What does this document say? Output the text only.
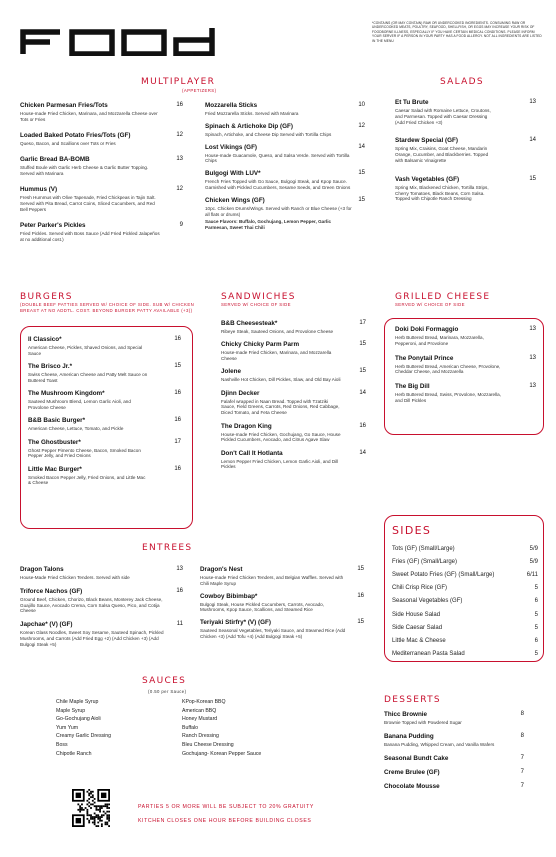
*CONTAINS (OR MAY CONTAIN) RAW OR UNDERCOOKED INGREDIENTS. CONSUMING RAW OR UNDERCOOKED MEATS, POULTRY, SEAFOOD, SHELLFISH, OR EGGS MAY INCREASE YOUR RISK OF FOODBORNE ILLNESS, ESPECIALLY IF YOU HAVE CERTAIN MEDICAL CONDITIONS. PLEASE INFORM YOUR SERVER IF A PERSON IN YOUR PARTY HAS A FOOD ALLERGY. NOT ALL INGREDIENTS ARE LISTED IN THE MENU
MULTIPLAYER
(APPETIZERS)
Chicken Parmesan Fries/Tots	16
House-made Fried Chicken, Marinara, and Mozzarella Cheese over Tots or Fries
Loaded Baked Potato Fries/Tots (GF)	12
Queso, Bacon, and Scallions over Tots or Fries
Garlic Bread BA-BOMB	13
Stuffed Boule with Garlic Herb Cheese & Garlic Butter Topping. Served with Marinara
Hummus (V)	12
Fresh Hummus with Olive Tapenade, Fried Chickpeas in Tajin Salt. Served with Pita Bread, Carrot Coins, Sliced Cucumbers, and Red Bell Peppers
Peter Parker's Pickles	9
Fried Pickles. Served with Boss Sauce (Add Fried Pickled Jalapeños at no additional cost.)
Mozzarella Sticks	10
Fried Mozzarella Sticks. Served with Marinara
Spinach & Artichoke Dip (GF)	12
Spinach, Artichoke, and Cheese Dip Served with Tortilla Chips
Lost Vikings (GF)	14
House-made Guacamole, Queso, and Salsa Verde. Served with Tortilla Chips
Bulgogi With LUV*	15
French Fries Topped with Go Sauce, Bulgogi Steak, and Kpop Sauce. Garnished with Pickled Cucumbers, Sesame Seeds, and Green Onions
Chicken Wings (GF)	15
10pc. Chicken Drums/Wings. Served with Ranch or Blue Cheese (+3 for all flats or drums)
Sauce Flavors: Buffalo, Gochujang, Lemon Pepper, Garlic Parmesan, Sweet Thai Chili
SALADS
Et Tu Brute	13
Caesar Salad with Romaine Lettuce, Croutons, and Parmesan. Topped with Caesar Dressing (Add Fried Chicken +3)
Stardew Special (GF)	14
Spring Mix, Craisins, Goat Cheese, Mandarin Orange, Cucumber, and Blackberries. Topped with Balsamic Vinaigrette
Vash Vegetables (GF)	15
Spring Mix, Blackened Chicken, Tortilla Strips, Cherry Tomatoes, Black Beans, Corn Salsa. Topped with Chipotle Ranch Dressing
BURGERS
(DOUBLE BEEF PATTIES SERVED W/ CHOICE OF SIDE. SUB W/ CHICKEN BREAST AT NO ADDTL. COST. BEYOND BURGER PATTY AVAILABLE (+3))
Il Classico*	16
American Cheese, Pickles, Shaved Onions, and Special Sauce
The Brisco Jr.*	15
Swiss Cheese, American Cheese and Patty Melt Sauce on Buttered Toast
The Mushroom Kingdom*	16
Sauteed Mushroom Blend, Lemon Garlic Aioli, and Provolone Cheese
B&B Basic Burger*	16
American Cheese, Lettuce, Tomato, and Pickle
The Ghostbuster*	17
Ghost Pepper Pimento Cheese, Bacon, Smoked Bacon Pepper Jelly, and Fried Onions
Little Mac Burger*	16
Smoked Bacon Pepper Jelly, Fried Onions, and Little Mac & Cheese
SANDWICHES
SERVED W/ CHOICE OF SIDE
B&B Cheesesteak*	17
Ribeye Steak, Sauteed Onions, and Provolone Cheese
Chicky Chicky Parm Parm	15
House-made Fried Chicken, Marinara, and Mozzarella Cheese
Jolene	15
Nashville Hot Chicken, Dill Pickles, Slaw, and Old Bay Aioli
Djinn Decker	14
Falafel wrapped in Naan Bread. Topped with Tzatziki Sauce, Field Greens, Carrots, Red Onions, Red Cabbage, Diced Tomato, and Feta Cheese
The Dragon King	16
House-made Fried Chicken, Gochujang, Go Sauce, House Pickled Cucumbers, Avocado, and Citrus Agave Slaw
Don't Call It Hotlanta	14
Lemon Pepper Fried Chicken, Lemon Garlic Aioli, and Dill Pickles
GRILLED CHEESE
SERVED W/ CHOICE OF SIDE
Doki Doki Formaggio	13
Herb Buttered Bread, Marinara, Mozzarella, Pepperoni, and Provolone
The Ponytail Prince	13
Herb Buttered Bread, American Cheese, Provolone, Cheddar Cheese, and Mozzarella
The Big Dill	13
Herb Buttered Bread, Swiss, Provolone, Mozzarella, and Dill Pickles
SIDES
Tots (GF) (Small/Large)	5/9
Fries (GF) (Small/Large)	5/9
Sweet Potato Fries (GF) (Small/Large)	6/11
Chili Crisp Rice (GF)	5
Seasonal Vegetables (GF)	6
Side House Salad	5
Side Caesar Salad	5
Little Mac & Cheese	6
Mediterranean Pasta Salad	5
ENTREES
Dragon Talons	13
House-Made Fried Chicken Tenders. Served with side
Triforce Nachos (GF)	16
Ground Beef, Chicken, Chorizo, Black Beans, Monterey Jack Cheese, Guajillo Sauce, Avocado Crema, Corn Salsa Queso, Pico, and Cotija Cheese
Japchae* (V) (GF)	11
Korean Glass Noodles, Sweet Soy Sesame, Sauteed Spinach, Pickled Mushrooms, and Carrots (Add Fried Egg +2) (Add Chicken +3) (Add Bulgogi Steak +5)
Dragon's Nest	15
House-made Fried Chicken Tenders, and Belgian Waffles. Served with Chili Maple Syrup
Cowboy Bibimbap*	16
Bulgogi Steak, House Pickled Cucumbers, Carrots, Avocado, Mushrooms, Kpop Sauce, Scallions, and Steamed Rice
Teriyaki Stirfry* (V) (GF)	15
Sauteed Seasonal Vegetables, Teriyaki Sauce, and Steamed Rice (Add Chicken +3) (Add Tofu +4) (Add Bulgogi Steak +5)
SAUCES
(0.50 per Sauce)
Chile Maple Syrup
Maple Syrup
Go-Gochujang Aioli
Yum Yum
Creamy Garlic Dressing
Boss
Chipotle Ranch
KPop-Korean BBQ
American BBQ
Honey Mustard
Buffalo
Ranch Dressing
Bleu Cheese Dressing
Gochujang- Korean Pepper Sauce
DESSERTS
Thicc Brownie	8
Brownie Topped with Powdered Sugar
Banana Pudding	8
Banana Pudding, Whipped Cream, and Vanilla Wafers
Seasonal Bundt Cake	7
Creme Brulee (GF)	7
Chocolate Mousse	7
PARTIES 5 OR MORE WILL BE SUBJECT TO 20% GRATUITY
KITCHEN CLOSES ONE HOUR BEFORE BUILDING CLOSES
